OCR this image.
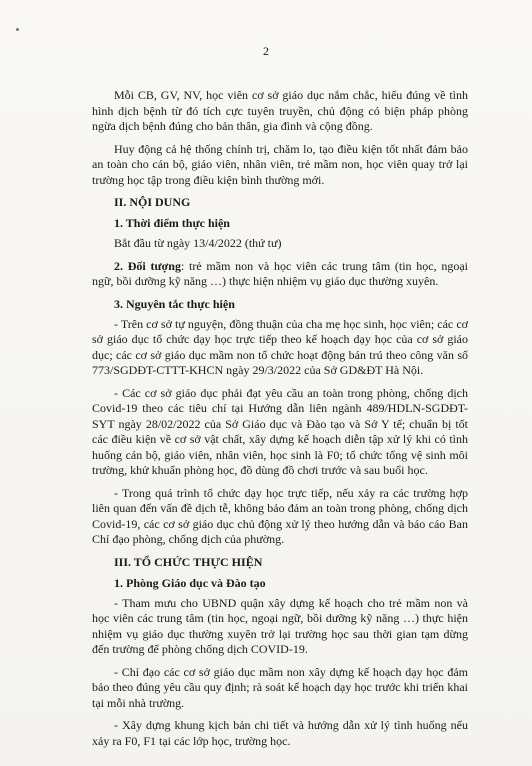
2

Mỗi CB, GV, NV, học viên cơ sở giáo dục nắm chắc, hiểu đúng về tình hình dịch bệnh từ đó tích cực tuyên truyền, chủ động có biện pháp phòng ngừa dịch bệnh đúng cho bản thân, gia đình và cộng đồng.

Huy động cả hệ thống chính trị, chăm lo, tạo điều kiện tốt nhất đảm bảo an toàn cho cán bộ, giáo viên, nhân viên, trẻ mầm non, học viên quay trở lại trường học tập trong điều kiện bình thường mới.

II. NỘI DUNG
1. Thời điểm thực hiện

Bắt đầu từ ngày 13/4/2022 (thứ tư)

2. Đối tượng: trẻ mầm non và học viên các trung tâm (tin học, ngoại ngữ, bồi dưỡng kỹ năng …) thực hiện nhiệm vụ giáo dục thường xuyên.

3. Nguyên tắc thực hiện

- Trên cơ sở tự nguyện, đồng thuận của cha mẹ học sinh, học viên; các cơ sở giáo dục tổ chức dạy học trực tiếp theo kế hoạch dạy học của cơ sở giáo dục; các cơ sở giáo dục mầm non tổ chức hoạt động bán trú theo công văn số 773/SGDĐT-CTTT-KHCN ngày 29/3/2022 của Sở GD&ĐT Hà Nội.

- Các cơ sở giáo dục phải đạt yêu cầu an toàn trong phòng, chống dịch Covid-19 theo các tiêu chí tại Hướng dẫn liên ngành 489/HDLN-SGDĐT-SYT ngày 28/02/2022 của Sở Giáo dục và Đào tạo và Sở Y tế; chuẩn bị tốt các điều kiện về cơ sở vật chất, xây dựng kế hoạch diễn tập xử lý khi có tình huống cán bộ, giáo viên, nhân viên, học sinh là F0; tổ chức tổng vệ sinh môi trường, khử khuẩn phòng học, đồ dùng đồ chơi trước và sau buổi học.

- Trong quá trình tổ chức dạy học trực tiếp, nếu xảy ra các trường hợp liên quan đến vấn đề dịch tễ, không bảo đảm an toàn trong phòng, chống dịch Covid-19, các cơ sở giáo dục chủ động xử lý theo hướng dẫn và báo cáo Ban Chỉ đạo phòng, chống dịch của phường.

III. TỔ CHỨC THỰC HIỆN
1. Phòng Giáo dục và Đào tạo

- Tham mưu cho UBND quận xây dựng kế hoạch cho trẻ mầm non và học viên các trung tâm (tin học, ngoại ngữ, bồi dưỡng kỹ năng …) thực hiện nhiệm vụ giáo dục thường xuyên trở lại trường học sau thời gian tạm dừng đến trường để phòng chống dịch COVID-19.

- Chỉ đạo các cơ sở giáo dục mầm non xây dựng kế hoạch dạy học đảm bảo theo đúng yêu cầu quy định; rà soát kế hoạch dạy học trước khi triển khai tại mỗi nhà trường.

- Xây dựng khung kịch bản chi tiết và hướng dẫn xử lý tình huống nếu xảy ra F0, F1 tại các lớp học, trường học.
